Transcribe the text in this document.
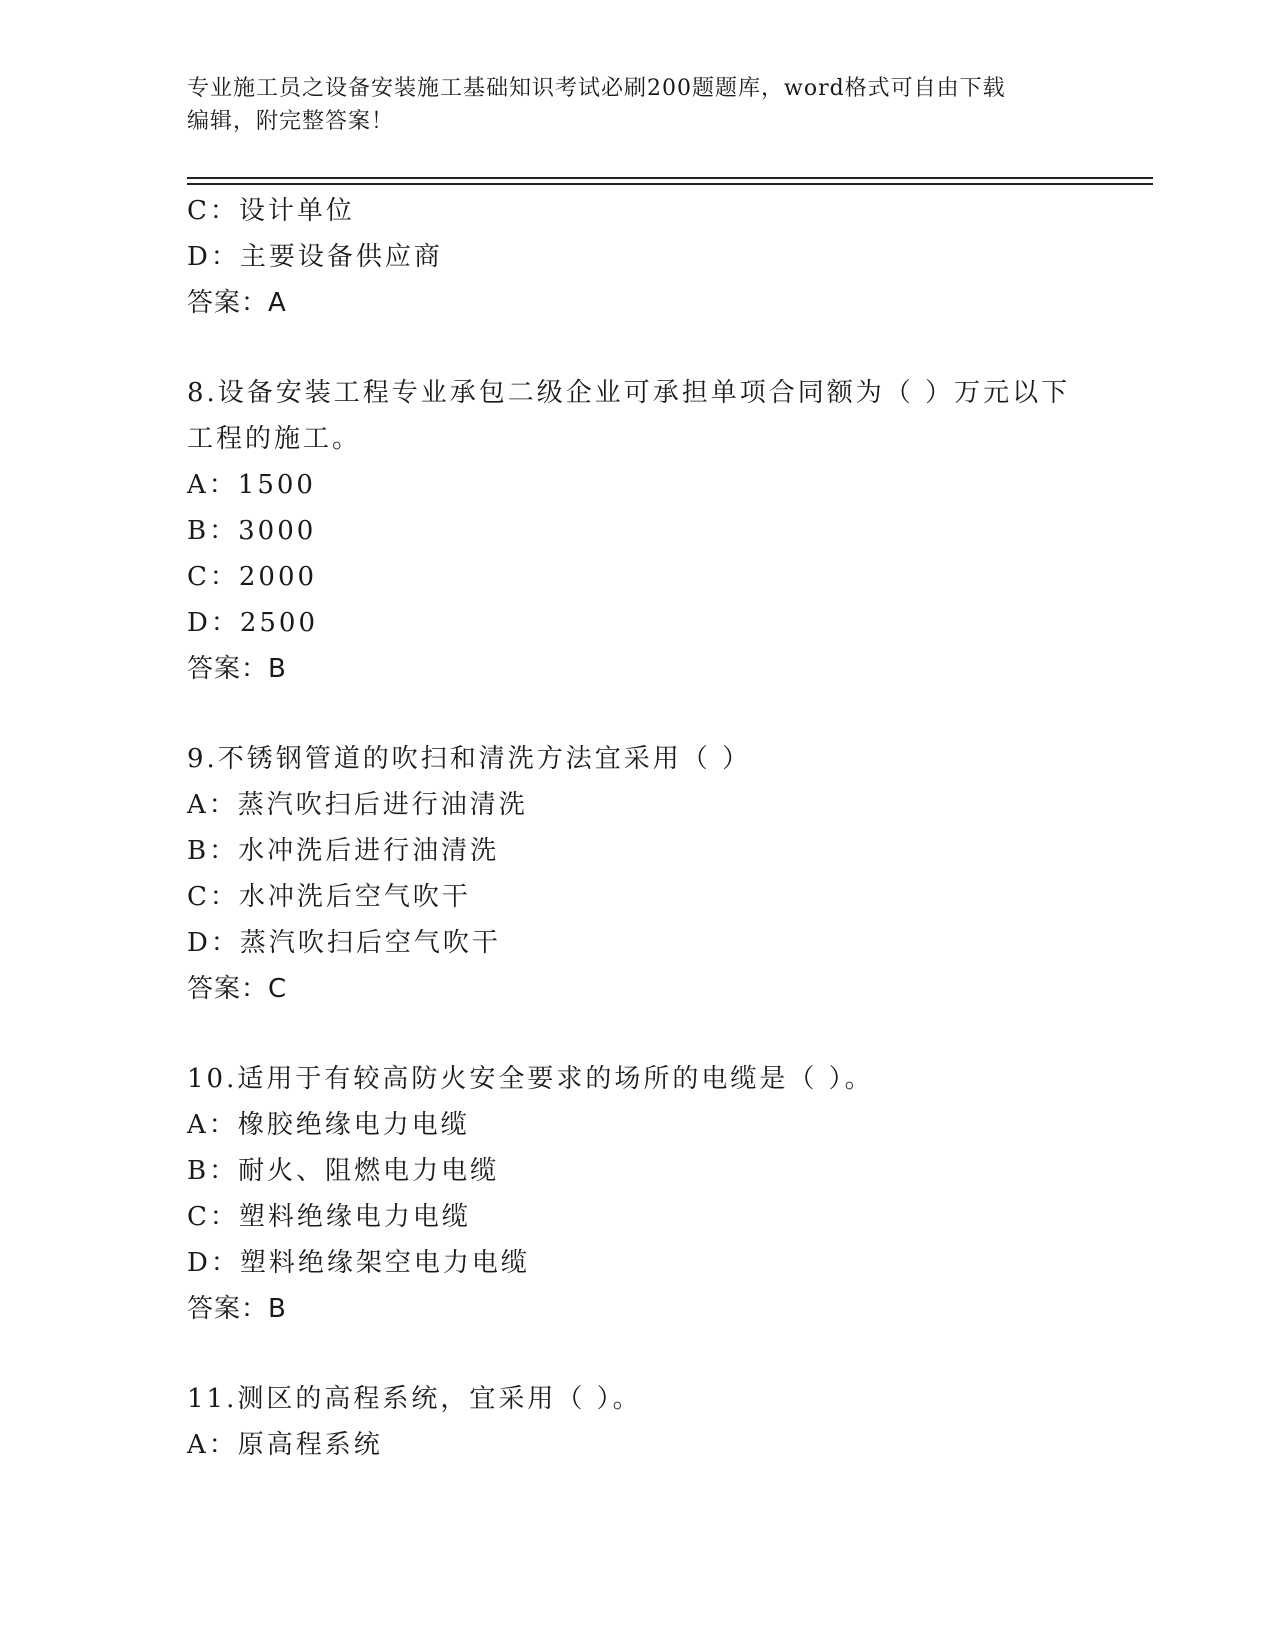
专业施工员之设备安装施工基础知识考试必刷200题题库，word格式可自由下载
编辑，附完整答案！
C：设计单位
D：主要设备供应商
答案：A
8.设备安装工程专业承包二级企业可承担单项合同额为（ ）万元以下
工程的施工。
A：1500
B：3000
C：2000
D：2500
答案：B
9.不锈钢管道的吹扫和清洗方法宜采用（ ）
A：蒸汽吹扫后进行油清洗
B：水冲洗后进行油清洗
C：水冲洗后空气吹干
D：蒸汽吹扫后空气吹干
答案：C
10.适用于有较高防火安全要求的场所的电缆是（ ）。
A：橡胶绝缘电力电缆
B：耐火、阻燃电力电缆
C：塑料绝缘电力电缆
D：塑料绝缘架空电力电缆
答案：B
11.测区的高程系统，宜采用（ ）。
A：原高程系统
